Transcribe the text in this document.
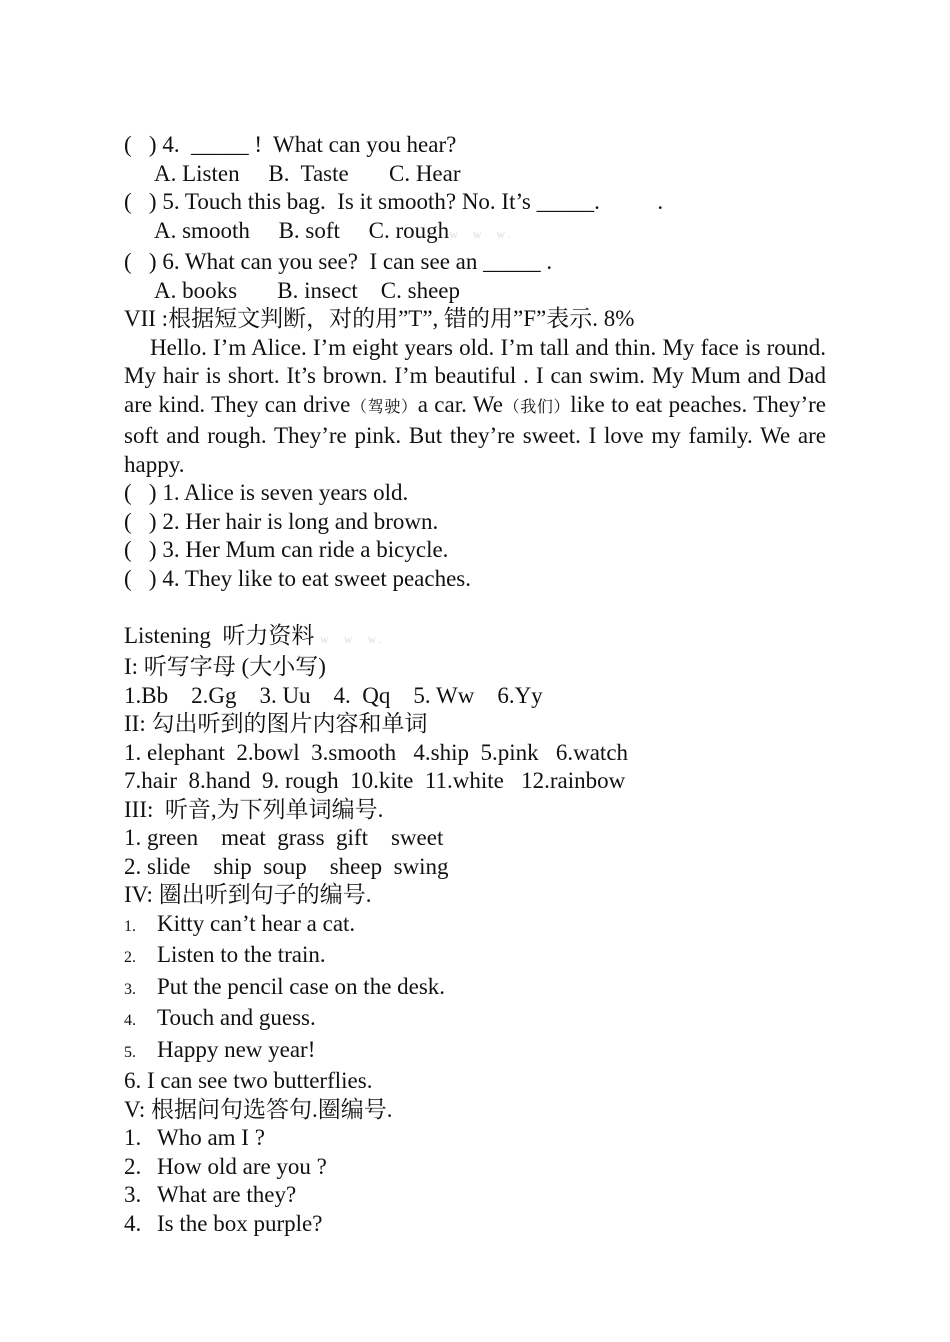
(   ) 4.  _____ !  What can you hear?
A. Listen     B.  Taste       C. Hear
(   ) 5. Touch this bag.  Is it smooth? No. It’s _____.          .
A. smooth     B. soft     C. roughw  w  w.
(   ) 6. What can you see?  I can see an _____ .
A. books       B. insect    C. sheep
VII :根据短文判断，对的用”T”, 错的用”F”表示. 8%
Hello. I’m Alice. I’m eight years old. I’m tall and thin. My face is round. My hair is short. It’s brown. I’m beautiful . I can swim. My Mum and Dad are kind. They can drive（驾驶）a car. We（我们）like to eat peaches. They’re soft and rough. They’re pink. But they’re sweet. I love my family. We are happy.
(   ) 1. Alice is seven years old.
(   ) 2. Her hair is long and brown.
(   ) 3. Her Mum can ride a bicycle.
(   ) 4. They like to eat sweet peaches.
Listening  听力资料 w  w  w.
I: 听写字母 (大小写)
1.Bb    2.Gg    3. Uu    4.  Qq    5. Ww    6.Yy
II: 勾出听到的图片内容和单词
1. elephant  2.bowl  3.smooth   4.ship  5.pink   6.watch
7.hair  8.hand  9. rough  10.kite  11.white   12.rainbow
III:  听音,为下列单词编号.
1. green    meat  grass  gift    sweet
2. slide    ship  soup    sheep  swing
IV: 圈出听到句子的编号.
1. Kitty can’t hear a cat.
2. Listen to the train.
3. Put the pencil case on the desk.
4. Touch and guess.
5. Happy new year!
6. I can see two butterflies.
V: 根据问句选答句.圈编号.
1. Who am I ?
2. How old are you ?
3. What are they?
4. Is the box purple?
